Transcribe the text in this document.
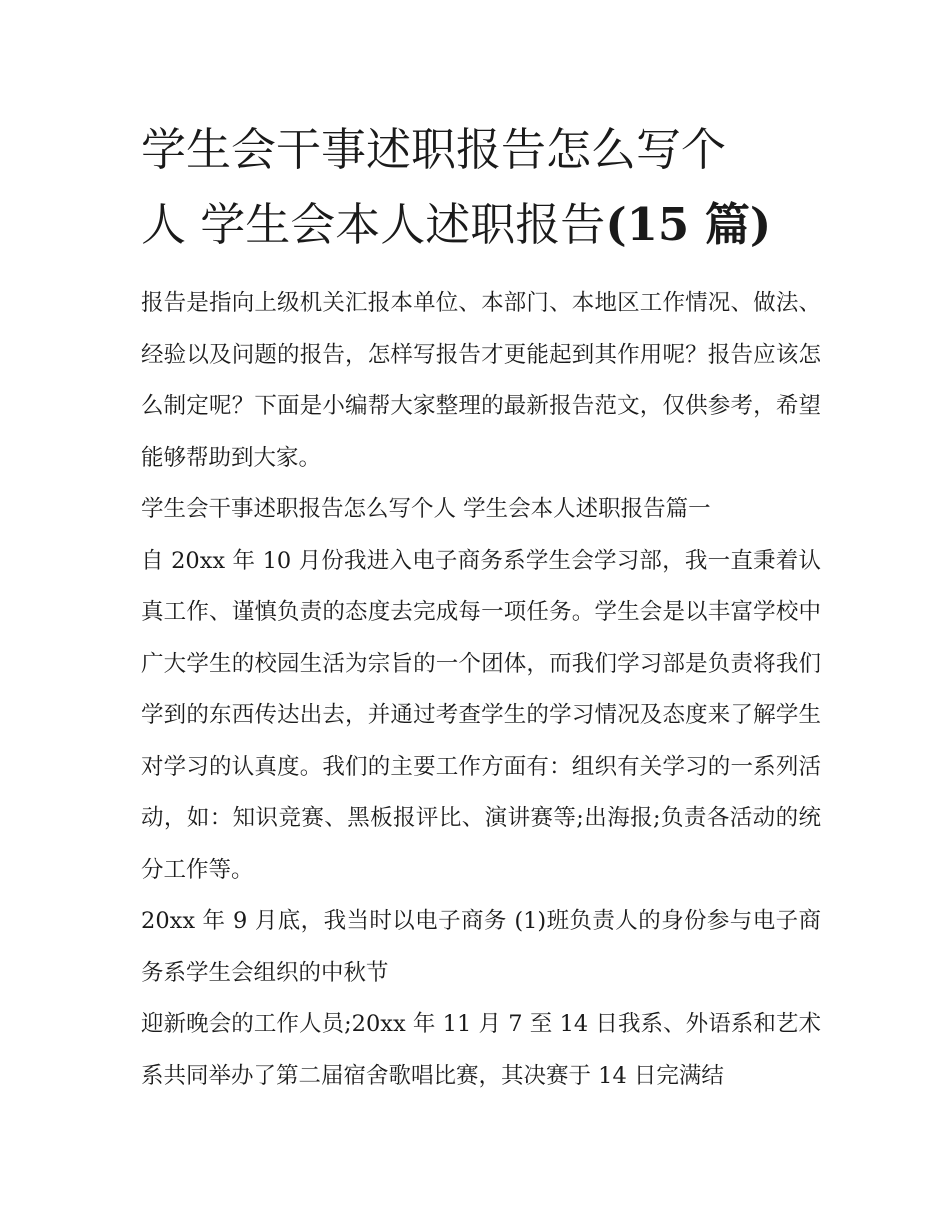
学生会干事述职报告怎么写个
人 学生会本人述职报告(15 篇)

报告是指向上级机关汇报本单位、本部门、本地区工作情况、做法、经验以及问题的报告，怎样写报告才更能起到其作用呢？报告应该怎么制定呢？下面是小编帮大家整理的最新报告范文，仅供参考，希望能够帮助到大家。

学生会干事述职报告怎么写个人 学生会本人述职报告篇一

自 20xx 年 10 月份我进入电子商务系学生会学习部，我一直秉着认真工作、谨慎负责的态度去完成每一项任务。学生会是以丰富学校中广大学生的校园生活为宗旨的一个团体，而我们学习部是负责将我们学到的东西传达出去，并通过考查学生的学习情况及态度来了解学生对学习的认真度。我们的主要工作方面有：组织有关学习的一系列活动，如：知识竞赛、黑板报评比、演讲赛等;出海报;负责各活动的统分工作等。

20xx 年 9 月底，我当时以电子商务 (1)班负责人的身份参与电子商务系学生会组织的中秋节

迎新晚会的工作人员;20xx 年 11 月 7 至 14 日我系、外语系和艺术系共同举办了第二届宿舍歌唱比赛，其决赛于 14 日完满结
